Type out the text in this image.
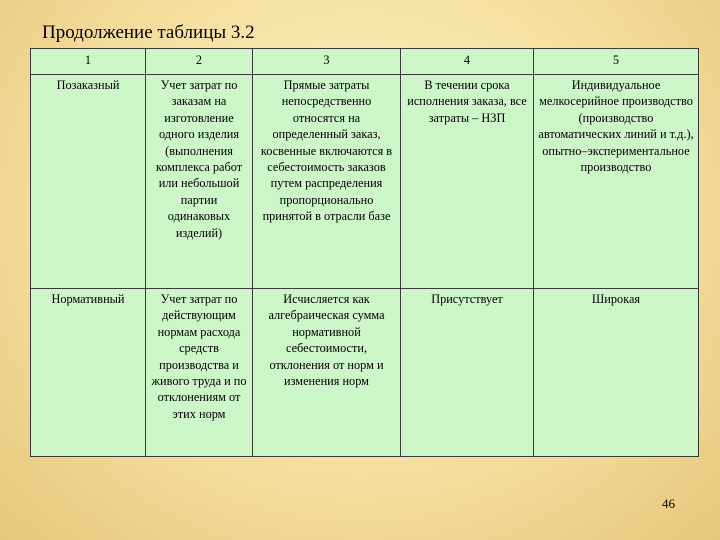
Продолжение таблицы 3.2
1	2	3	4	5
Позаказный	Учет затрат по заказам на изготовление одного изделия (выполнения комплекса работ или небольшой партии одинаковых изделий)	Прямые затраты непосредственно относятся на определенный заказ, косвенные включаются в себестоимость заказов путем распределения пропорционально принятой в отрасли базе	В течении срока исполнения заказа, все затраты – НЗП	Индивидуальное мелкосерийное производство (производство автоматических линий и т.д.), опытно–экспериментальное производство
Нормативный	Учет затрат по действующим нормам расхода средств производства и живого труда и по отклонениям от этих норм	Исчисляется как алгебраическая сумма нормативной себестоимости, отклонения от норм и изменения норм	Присутствует	Широкая
46
